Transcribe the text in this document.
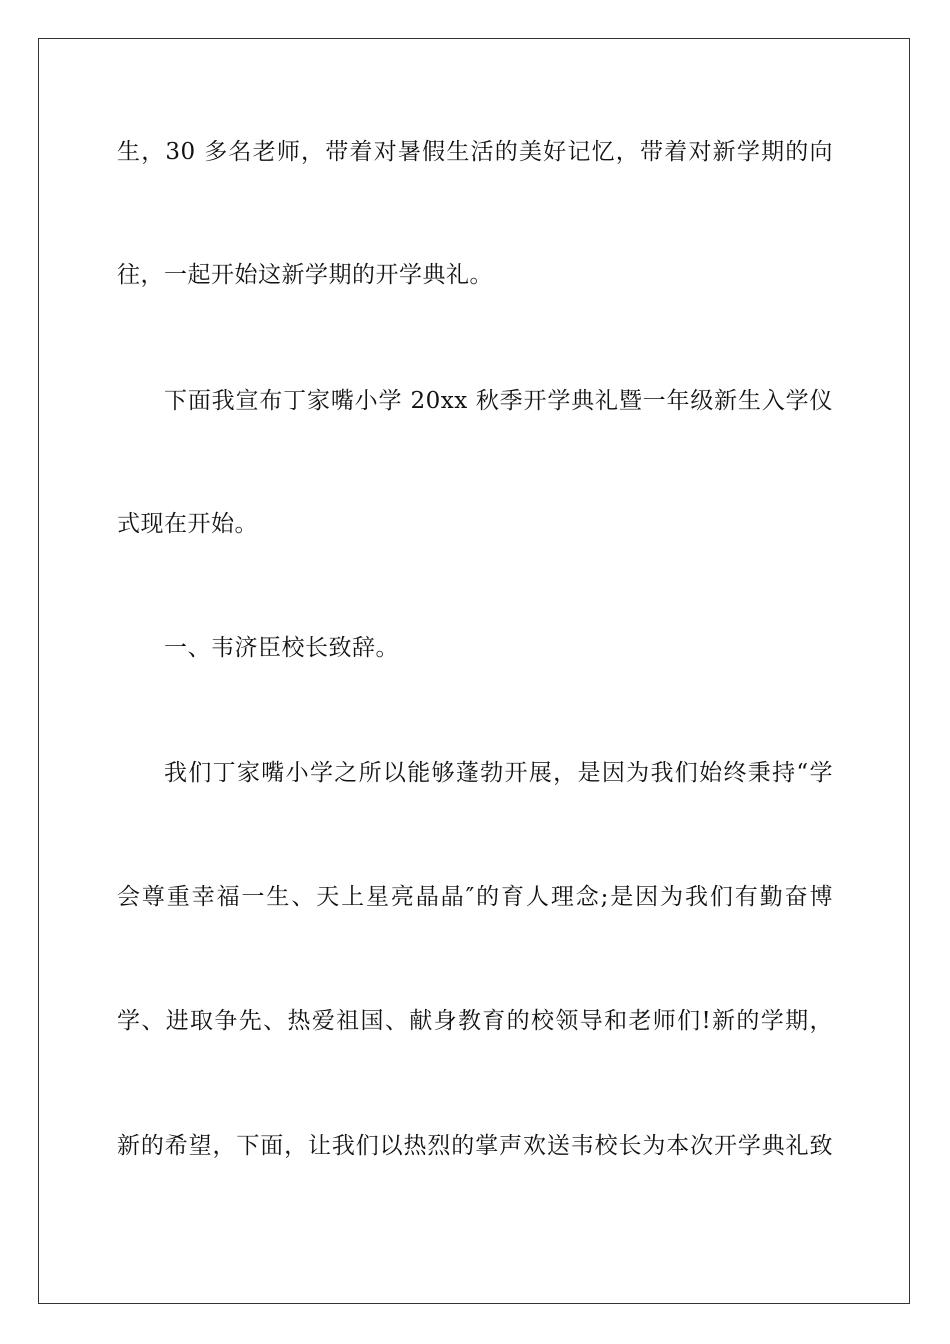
生，30 多名老师，带着对暑假生活的美好记忆，带着对新学期的向
往，一起开始这新学期的开学典礼。
下面我宣布丁家嘴小学 20xx 秋季开学典礼暨一年级新生入学仪
式现在开始。
一、韦济臣校长致辞。
我们丁家嘴小学之所以能够蓬勃开展，是因为我们始终秉持“学
会尊重幸福一生、天上星亮晶晶″的育人理念;是因为我们有勤奋博
学、进取争先、热爱祖国、献身教育的校领导和老师们!新的学期，
新的希望，下面，让我们以热烈的掌声欢送韦校长为本次开学典礼致
